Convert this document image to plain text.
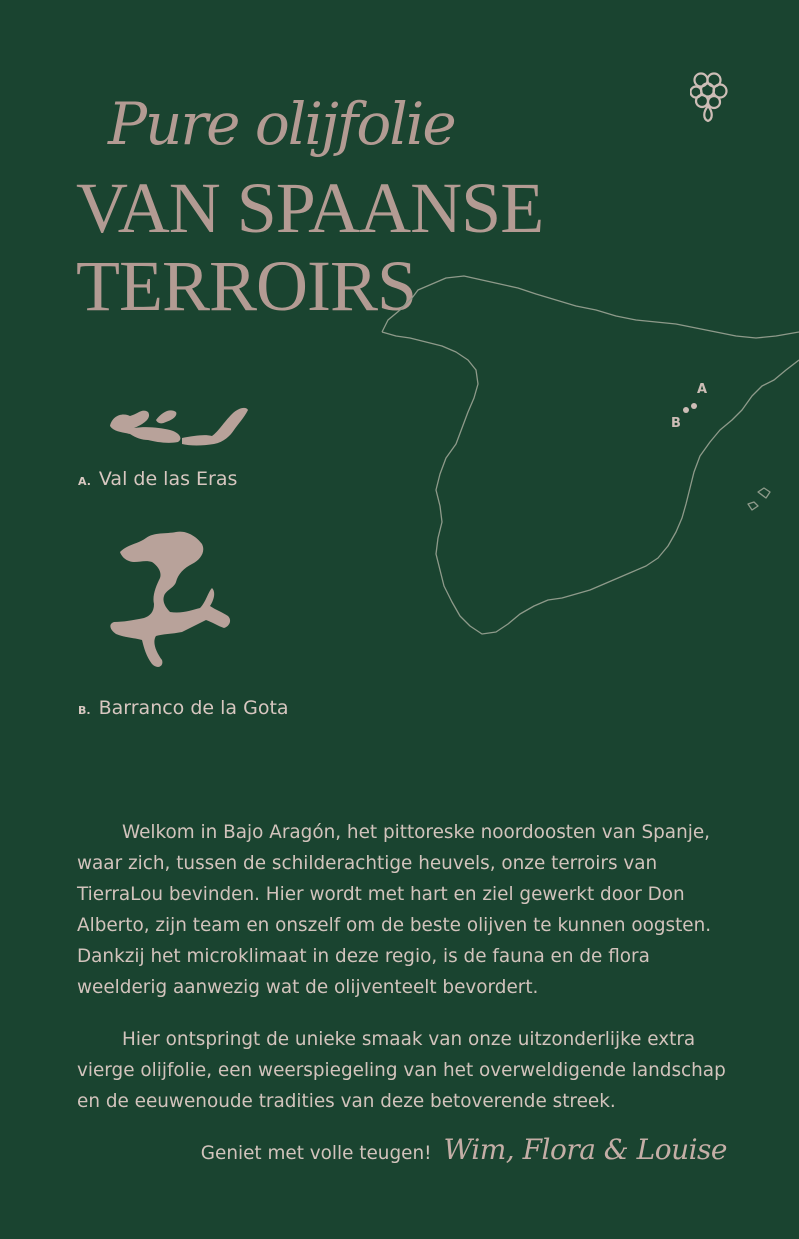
Pure olijfolie
VAN SPAANSE
TERROIRS
A
B
A. Val de las Eras
B. Barranco de la Gota

Welkom in Bajo Aragón, het pittoreske noordoosten van Spanje, waar zich, tussen de schilderachtige heuvels, onze terroirs van TierraLou bevinden. Hier wordt met hart en ziel gewerkt door Don Alberto, zijn team en onszelf om de beste olijven te kunnen oogsten. Dankzij het microklimaat in deze regio, is de fauna en de flora weelderig aanwezig wat de olijventeelt bevordert.

Hier ontspringt de unieke smaak van onze uitzonderlijke extra vierge olijfolie, een weerspiegeling van het overweldigende landschap en de eeuwenoude tradities van deze betoverende streek.

Geniet met volle teugen! Wim, Flora & Louise
